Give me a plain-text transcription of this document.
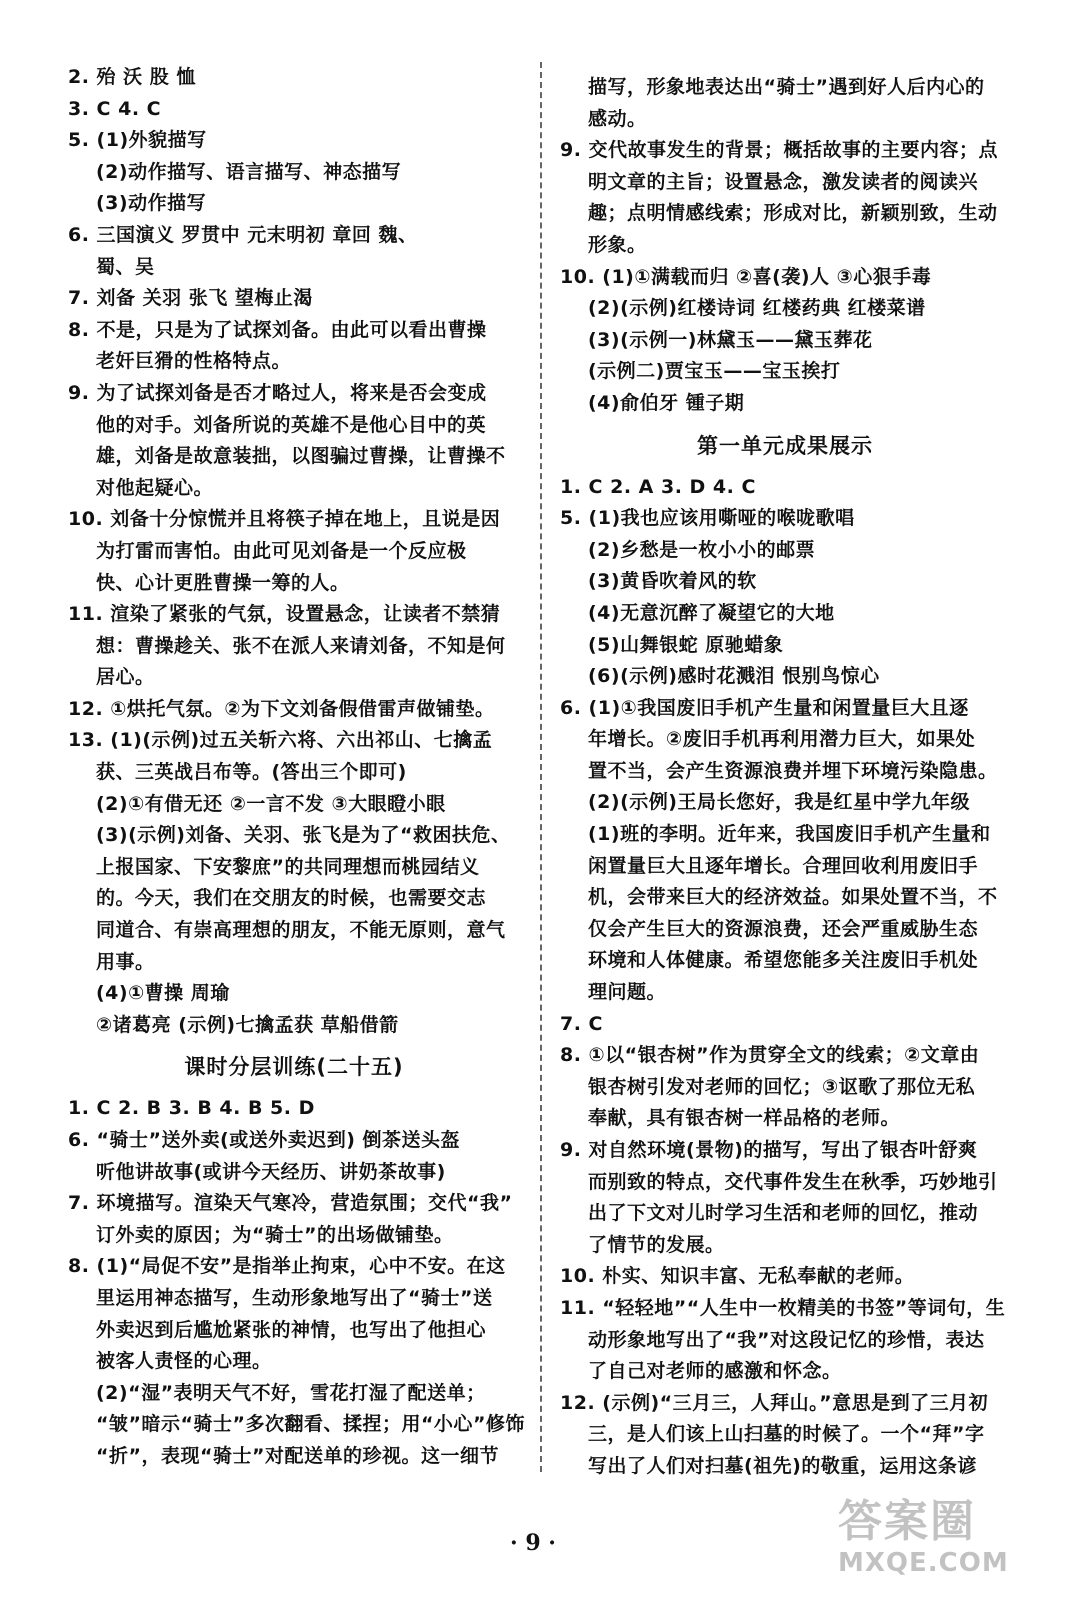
2. 殆 沃 股 恤
3. C 4. C
5. (1)外貌描写
(2)动作描写、语言描写、神态描写
(3)动作描写
6. 三国演义 罗贯中 元末明初 章回 魏、
蜀、吴
7. 刘备 关羽 张飞 望梅止渴
8. 不是，只是为了试探刘备。由此可以看出曹操
老奸巨猾的性格特点。
9. 为了试探刘备是否才略过人，将来是否会变成
他的对手。刘备所说的英雄不是他心目中的英
雄，刘备是故意装拙，以图骗过曹操，让曹操不
对他起疑心。
10. 刘备十分惊慌并且将筷子掉在地上，且说是因
为打雷而害怕。由此可见刘备是一个反应极
快、心计更胜曹操一筹的人。
11. 渲染了紧张的气氛，设置悬念，让读者不禁猜
想：曹操趁关、张不在派人来请刘备，不知是何
居心。
12. ①烘托气氛。②为下文刘备假借雷声做铺垫。
13. (1)(示例)过五关斩六将、六出祁山、七擒孟
获、三英战吕布等。(答出三个即可)
(2)①有借无还 ②一言不发 ③大眼瞪小眼
(3)(示例)刘备、关羽、张飞是为了“救困扶危、
上报国家、下安黎庶”的共同理想而桃园结义
的。今天，我们在交朋友的时候，也需要交志
同道合、有崇高理想的朋友，不能无原则，意气
用事。
(4)①曹操 周瑜
②诸葛亮 (示例)七擒孟获 草船借箭
课时分层训练(二十五)
1. C 2. B 3. B 4. B 5. D
6. “骑士”送外卖(或送外卖迟到) 倒茶送头盔
听他讲故事(或讲今天经历、讲奶茶故事)
7. 环境描写。渲染天气寒冷，营造氛围；交代“我”
订外卖的原因；为“骑士”的出场做铺垫。
8. (1)“局促不安”是指举止拘束，心中不安。在这
里运用神态描写，生动形象地写出了“骑士”送
外卖迟到后尴尬紧张的神情，也写出了他担心
被客人责怪的心理。
(2)“湿”表明天气不好，雪花打湿了配送单；
“皱”暗示“骑士”多次翻看、揉捏；用“小心”修饰
“折”，表现“骑士”对配送单的珍视。这一细节
描写，形象地表达出“骑士”遇到好人后内心的
感动。
9. 交代故事发生的背景；概括故事的主要内容；点
明文章的主旨；设置悬念，激发读者的阅读兴
趣；点明情感线索；形成对比，新颖别致，生动
形象。
10. (1)①满载而归 ②喜(袭)人 ③心狠手毒
(2)(示例)红楼诗词 红楼药典 红楼菜谱
(3)(示例一)林黛玉——黛玉葬花
(示例二)贾宝玉——宝玉挨打
(4)俞伯牙 锺子期
第一单元成果展示
1. C 2. A 3. D 4. C
5. (1)我也应该用嘶哑的喉咙歌唱
(2)乡愁是一枚小小的邮票
(3)黄昏吹着风的软
(4)无意沉醉了凝望它的大地
(5)山舞银蛇 原驰蜡象
(6)(示例)感时花溅泪 恨别鸟惊心
6. (1)①我国废旧手机产生量和闲置量巨大且逐
年增长。②废旧手机再利用潜力巨大，如果处
置不当，会产生资源浪费并埋下环境污染隐患。
(2)(示例)王局长您好，我是红星中学九年级
(1)班的李明。近年来，我国废旧手机产生量和
闲置量巨大且逐年增长。合理回收利用废旧手
机，会带来巨大的经济效益。如果处置不当，不
仅会产生巨大的资源浪费，还会严重威胁生态
环境和人体健康。希望您能多关注废旧手机处
理问题。
7. C
8. ①以“银杏树”作为贯穿全文的线索；②文章由
银杏树引发对老师的回忆；③讴歌了那位无私
奉献，具有银杏树一样品格的老师。
9. 对自然环境(景物)的描写，写出了银杏叶舒爽
而别致的特点，交代事件发生在秋季，巧妙地引
出了下文对儿时学习生活和老师的回忆，推动
了情节的发展。
10. 朴实、知识丰富、无私奉献的老师。
11. “轻轻地”“人生中一枚精美的书签”等词句，生
动形象地写出了“我”对这段记忆的珍惜，表达
了自己对老师的感激和怀念。
12. (示例)“三月三，人拜山。”意思是到了三月初
三，是人们该上山扫墓的时候了。一个“拜”字
写出了人们对扫墓(祖先)的敬重，运用这条谚
· 9 ·	答案圈
MXQE.COM
